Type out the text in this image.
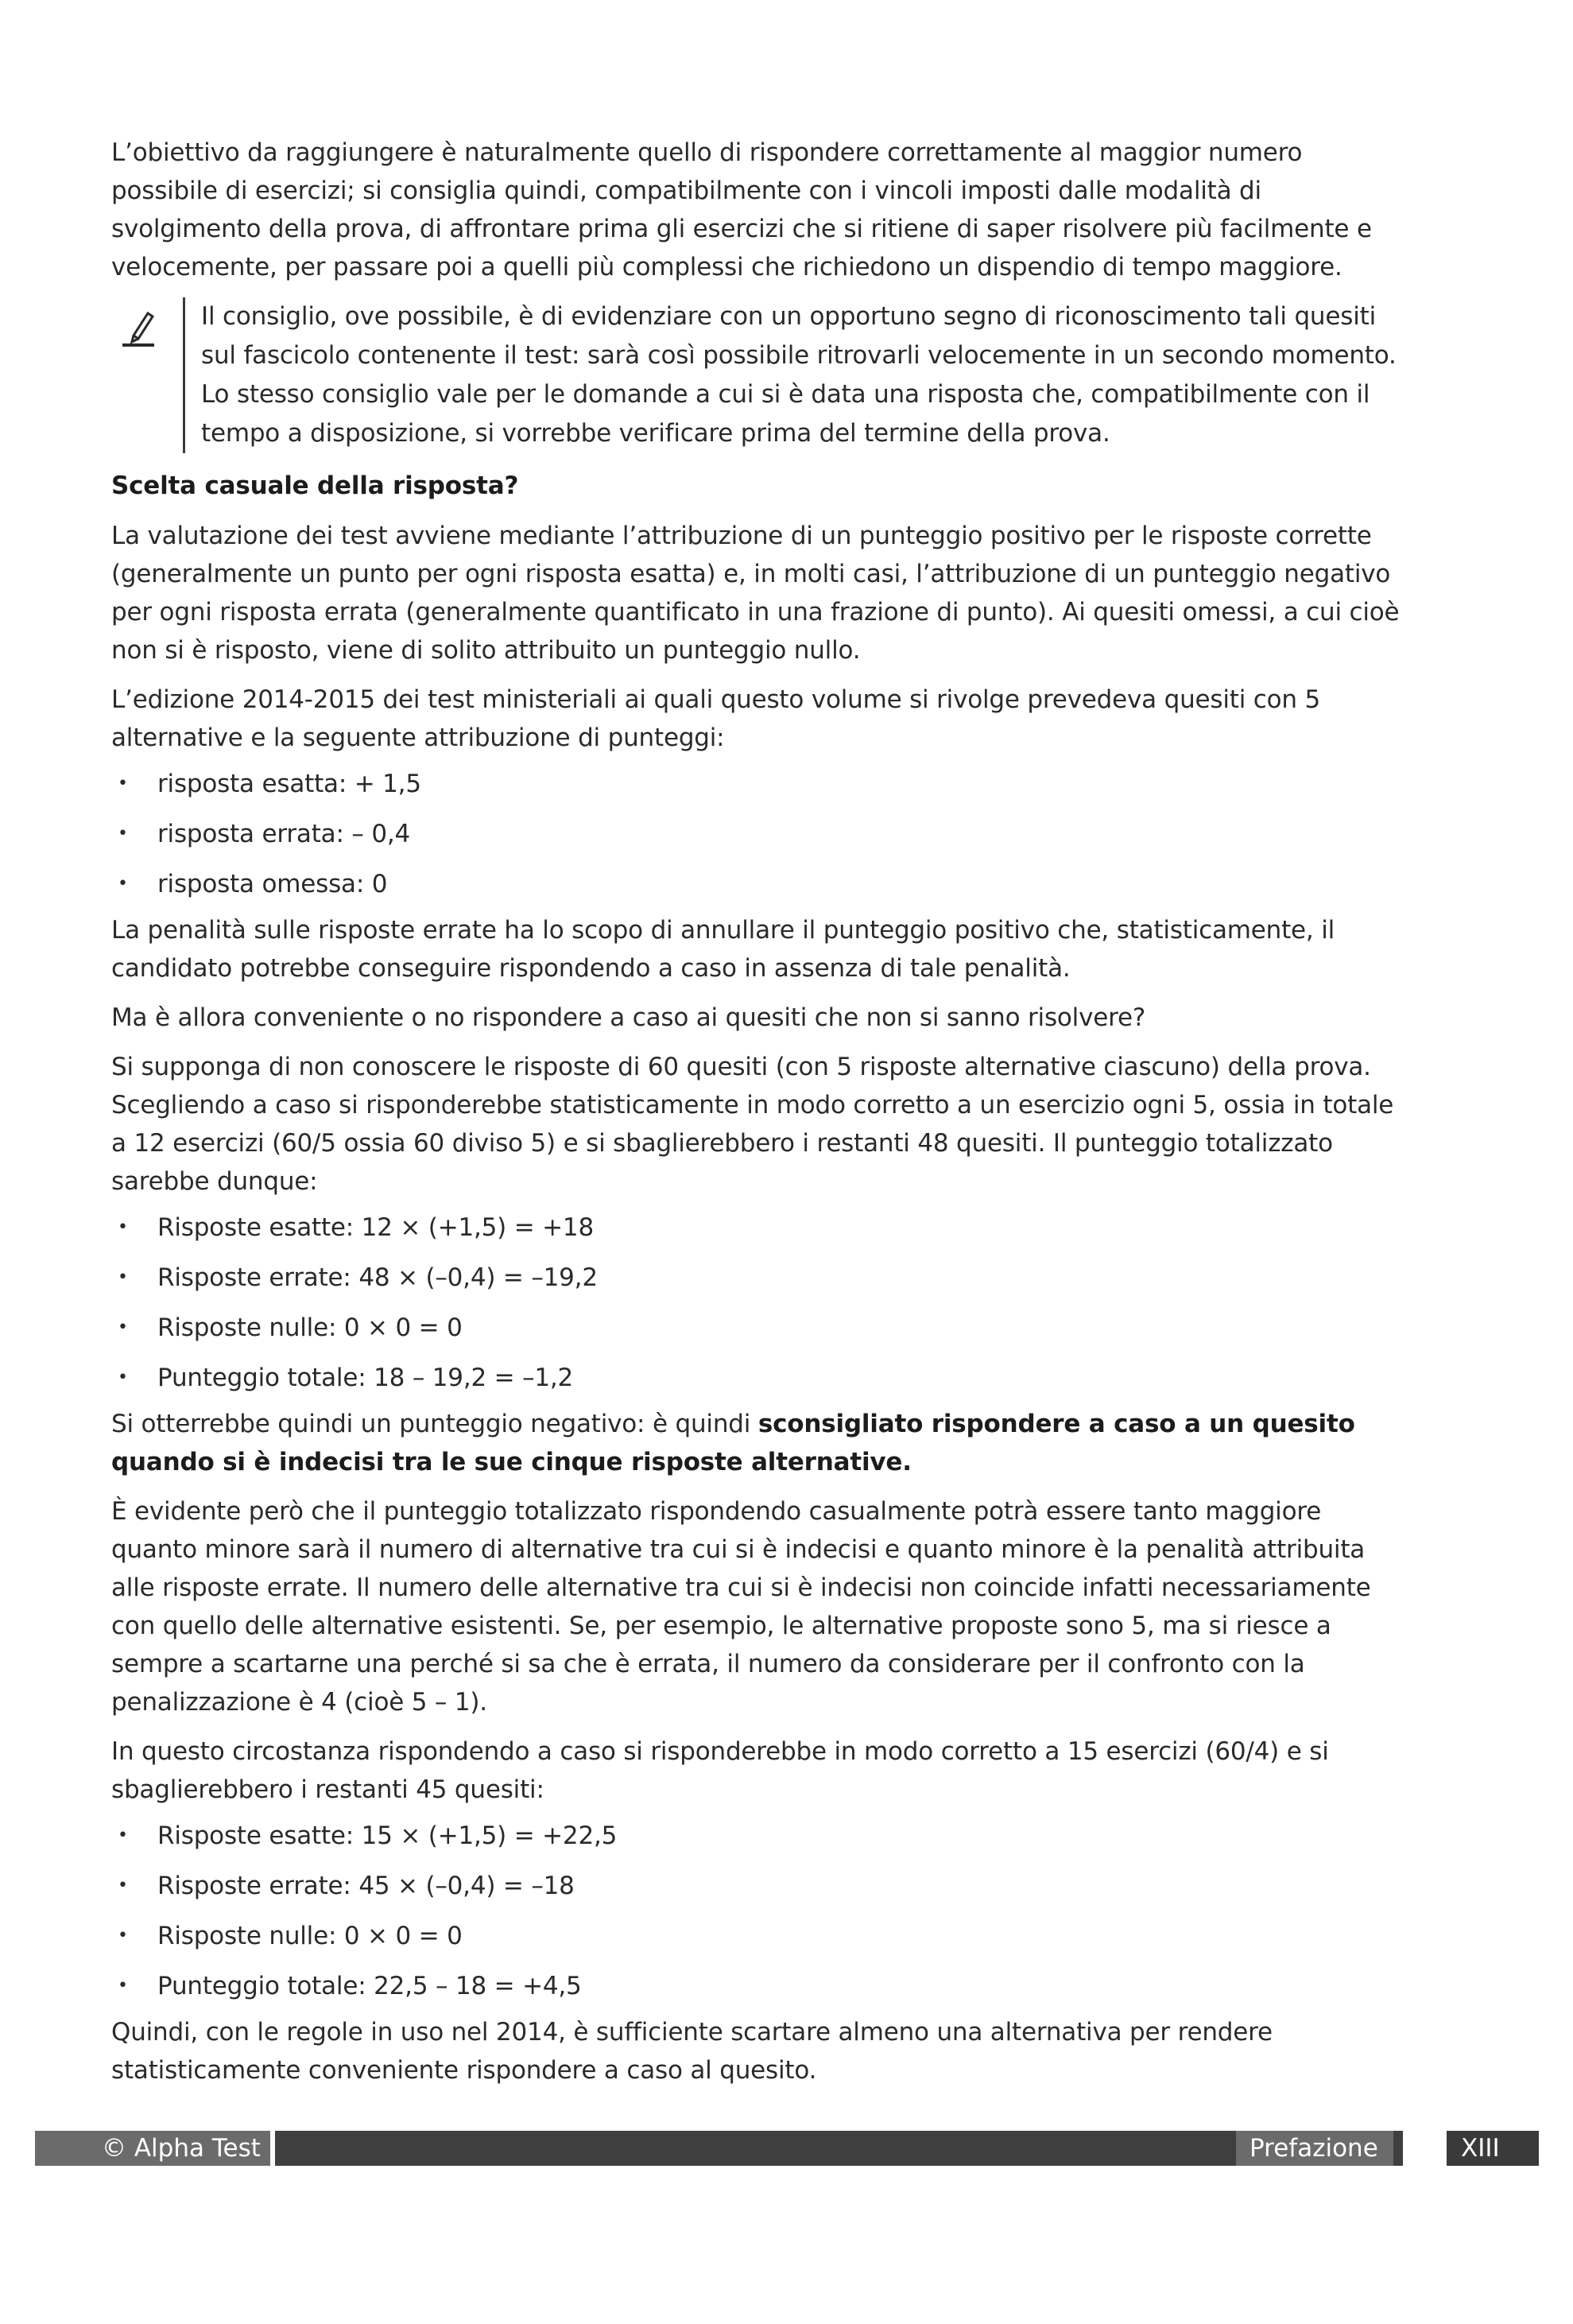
L’obiettivo da raggiungere è naturalmente quello di rispondere correttamente al maggior numero possibile di esercizi; si consiglia quindi, compatibilmente con i vincoli imposti dalle modalità di svolgimento della prova, di affrontare prima gli esercizi che si ritiene di saper risolvere più facilmente e velocemente, per passare poi a quelli più complessi che richiedono un dispendio di tempo maggiore.

Il consiglio, ove possibile, è di evidenziare con un opportuno segno di riconoscimento tali quesiti sul fascicolo contenente il test: sarà così possibile ritrovarli velocemente in un secondo momento. Lo stesso consiglio vale per le domande a cui si è data una risposta che, compatibilmente con il tempo a disposizione, si vorrebbe verificare prima del termine della prova.
Scelta casuale della risposta?

La valutazione dei test avviene mediante l’attribuzione di un punteggio positivo per le risposte corrette (generalmente un punto per ogni risposta esatta) e, in molti casi, l’attribuzione di un punteggio negativo per ogni risposta errata (generalmente quantificato in una frazione di punto). Ai quesiti omessi, a cui cioè non si è risposto, viene di solito attribuito un punteggio nullo.

L’edizione 2014-2015 dei test ministeriali ai quali questo volume si rivolge prevedeva quesiti con 5 alternative e la seguente attribuzione di punteggi:

• risposta esatta: + 1,5
• risposta errata: – 0,4
• risposta omessa: 0

La penalità sulle risposte errate ha lo scopo di annullare il punteggio positivo che, statisticamente, il candidato potrebbe conseguire rispondendo a caso in assenza di tale penalità.

Ma è allora conveniente o no rispondere a caso ai quesiti che non si sanno risolvere?

Si supponga di non conoscere le risposte di 60 quesiti (con 5 risposte alternative ciascuno) della prova. Scegliendo a caso si risponderebbe statisticamente in modo corretto a un esercizio ogni 5, ossia in totale a 12 esercizi (60/5 ossia 60 diviso 5) e si sbaglierebbero i restanti 48 quesiti. Il punteggio totalizzato sarebbe dunque:

• Risposte esatte: 12 × (+1,5) = +18
• Risposte errate: 48 × (–0,4) = –19,2
• Risposte nulle: 0 × 0 = 0
• Punteggio totale: 18 – 19,2 = –1,2

Si otterrebbe quindi un punteggio negativo: è quindi sconsigliato rispondere a caso a un quesito quando si è indecisi tra le sue cinque risposte alternative.

È evidente però che il punteggio totalizzato rispondendo casualmente potrà essere tanto maggiore quanto minore sarà il numero di alternative tra cui si è indecisi e quanto minore è la penalità attribuita alle risposte errate. Il numero delle alternative tra cui si è indecisi non coincide infatti necessariamente con quello delle alternative esistenti. Se, per esempio, le alternative proposte sono 5, ma si riesce a sempre a scartarne una perché si sa che è errata, il numero da considerare per il confronto con la penalizzazione è 4 (cioè 5 – 1).

In questo circostanza rispondendo a caso si risponderebbe in modo corretto a 15 esercizi (60/4) e si sbaglierebbero i restanti 45 quesiti:

• Risposte esatte: 15 × (+1,5) = +22,5
• Risposte errate: 45 × (–0,4) = –18
• Risposte nulle: 0 × 0 = 0
• Punteggio totale: 22,5 – 18 = +4,5

Quindi, con le regole in uso nel 2014, è sufficiente scartare almeno una alternativa per rendere statisticamente conveniente rispondere a caso al quesito.

© Alpha Test	Prefazione	XIII
